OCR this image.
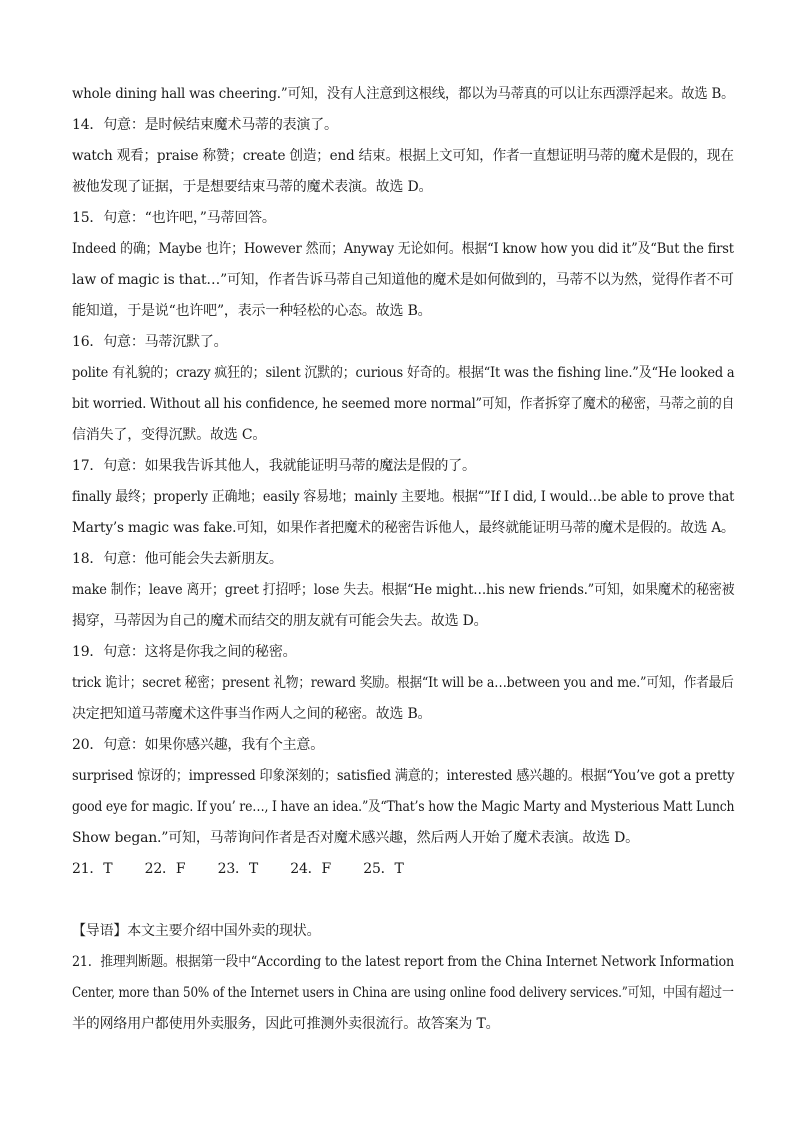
whole dining hall was cheering.”可知，没有人注意到这根线，都以为马蒂真的可以让东西漂浮起来。故选 B。
14．句意：是时候结束魔术马蒂的表演了。
watch 观看；praise 称赞；create 创造；end 结束。根据上文可知，作者一直想证明马蒂的魔术是假的，现在
被他发现了证据，于是想要结束马蒂的魔术表演。故选 D。
15．句意：“也许吧，”马蒂回答。
Indeed 的确；Maybe 也许；However 然而；Anyway 无论如何。根据“I know how you did it”及“But the first
law of magic is that…”可知，作者告诉马蒂自己知道他的魔术是如何做到的，马蒂不以为然，觉得作者不可
能知道，于是说“也许吧”，表示一种轻松的心态。故选 B。
16．句意：马蒂沉默了。
polite 有礼貌的；crazy 疯狂的；silent 沉默的；curious 好奇的。根据“It was the fishing line.”及“He looked a
bit worried. Without all his confidence, he seemed more normal”可知，作者拆穿了魔术的秘密，马蒂之前的自
信消失了，变得沉默。故选 C。
17．句意：如果我告诉其他人，我就能证明马蒂的魔法是假的了。
finally 最终；properly 正确地；easily 容易地；mainly 主要地。根据“”If I did, I would…be able to prove that
Marty’s magic was fake.可知，如果作者把魔术的秘密告诉他人，最终就能证明马蒂的魔术是假的。故选 A。
18．句意：他可能会失去新朋友。
make 制作；leave 离开；greet 打招呼；lose 失去。根据“He might…his new friends.”可知，如果魔术的秘密被
揭穿，马蒂因为自己的魔术而结交的朋友就有可能会失去。故选 D。
19．句意：这将是你我之间的秘密。
trick 诡计；secret 秘密；present 礼物；reward 奖励。根据“It will be a…between you and me.”可知，作者最后
决定把知道马蒂魔术这件事当作两人之间的秘密。故选 B。
20．句意：如果你感兴趣，我有个主意。
surprised 惊讶的；impressed 印象深刻的；satisfied 满意的；interested 感兴趣的。根据“You’ve got a pretty
good eye for magic. If you’ re…, I have an idea.”及“That’s how the Magic Marty and Mysterious Matt Lunch
Show began.”可知，马蒂询问作者是否对魔术感兴趣，然后两人开始了魔术表演。故选 D。
21．T 22．F 23．T 24．F 25．T
【导语】本文主要介绍中国外卖的现状。
21．推理判断题。根据第一段中“According to the latest report from the China Internet Network Information
Center, more than 50% of the Internet users in China are using online food delivery services.”可知，中国有超过一
半的网络用户都使用外卖服务，因此可推测外卖很流行。故答案为 T。
